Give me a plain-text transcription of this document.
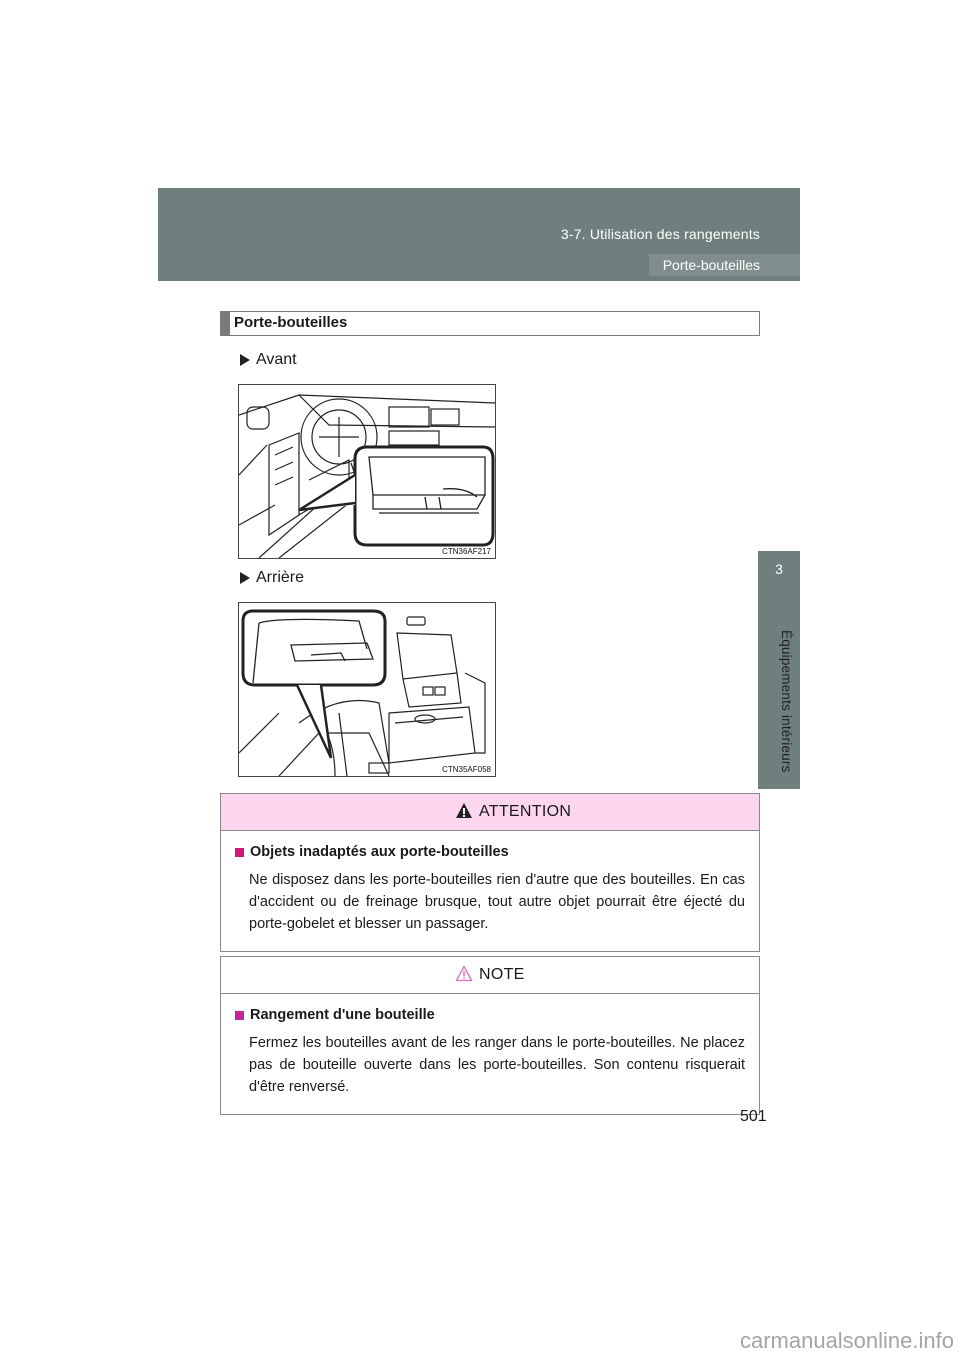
3-7. Utilisation des rangements
Porte-bouteilles
3
Équipements intérieurs
Porte-bouteilles
Avant
CTN36AF217
Arrière
CTN35AF058
ATTENTION
Objets inadaptés aux porte-bouteilles
Ne disposez dans les porte-bouteilles rien d'autre que des bouteilles. En cas d'accident ou de freinage brusque, tout autre objet pourrait être éjecté du porte-gobelet et blesser un passager.
NOTE
Rangement d'une bouteille
Fermez les bouteilles avant de les ranger dans le porte-bouteilles. Ne placez pas de bouteille ouverte dans les porte-bouteilles. Son contenu risquerait d'être renversé.
501
carmanualsonline.info
